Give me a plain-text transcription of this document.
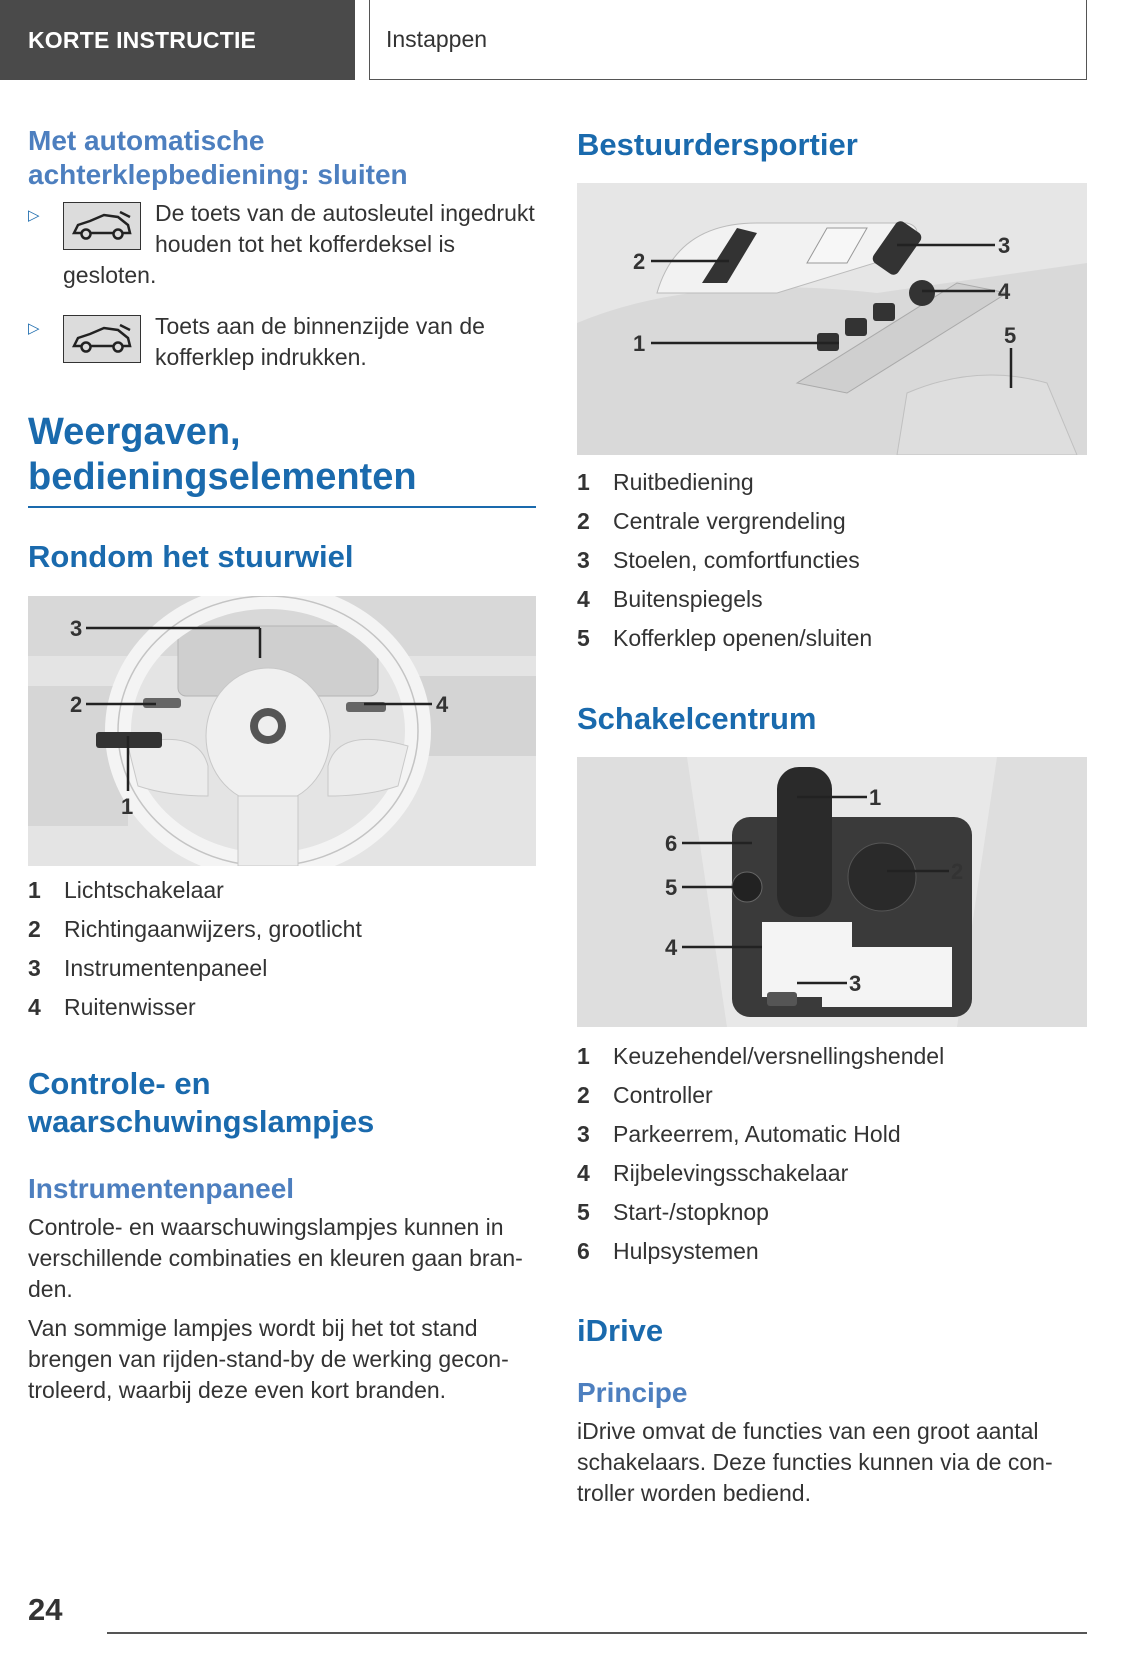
KORTE INSTRUCTIE	Instappen
Met automatische achterklepbediening: sluiten
▷	De toets van de autosleutel ingedrukt houden tot het kofferdeksel is gesloten.

▷	Toets aan de binnenzijde van de kofferklep indrukken.

Weergaven, bedieningselementen
Rondom het stuurwiel
3
2	4
1
1	Lichtschakelaar
2	Richtingaanwijzers, grootlicht
3	Instrumentenpaneel
4	Ruitenwisser
Controle- en waarschuwingslampjes
Instrumentenpaneel

Controle- en waarschuwingslampjes kunnen in verschillende combinaties en kleuren gaan branden.

Van sommige lampjes wordt bij het tot stand brengen van rijden-stand-by de werking gecontroleerd, waarbij deze even kort branden.

Bestuurdersportier
2
3
4
1	5
1	Ruitbediening
2	Centrale vergrendeling
3	Stoelen, comfortfuncties
4	Buitenspiegels
5	Kofferklep openen/sluiten
Schakelcentrum
1
6
2
5
4
3
1	Keuzehendel/versnellingshendel
2	Controller
3	Parkeerrem, Automatic Hold
4	Rijbelevingsschakelaar
5	Start-/stopknop
6	Hulpsystemen
iDrive
Principe

iDrive omvat de functies van een groot aantal schakelaars. Deze functies kunnen via de controller worden bediend.

24
